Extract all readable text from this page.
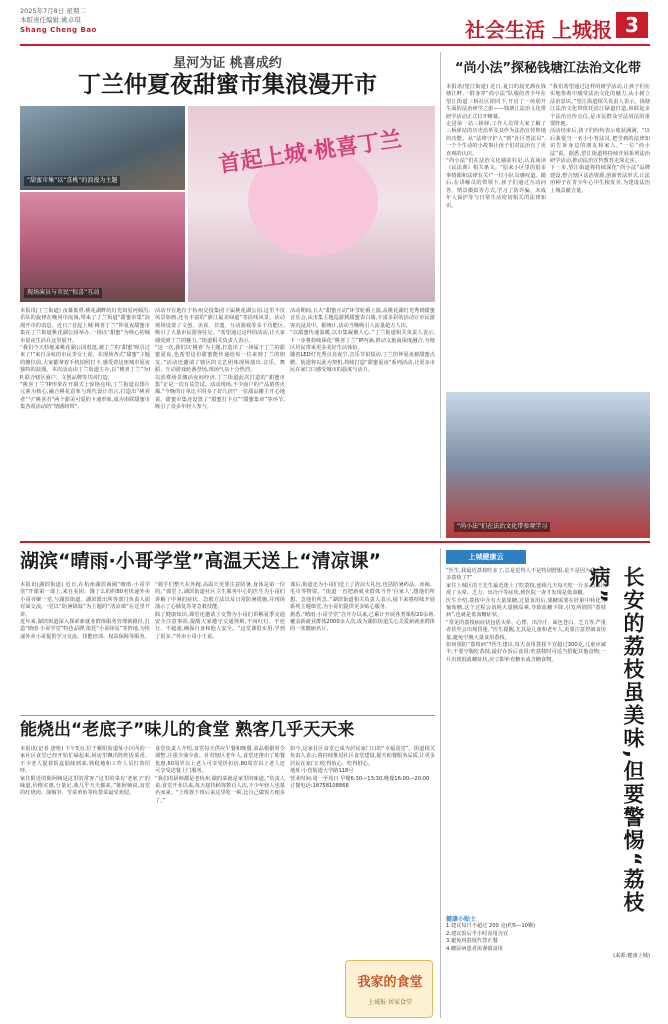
2025年7月8日 星期二
本版责任编辑:姚卓琪
Shang Cheng Bao	社会生活 上城报 3
星河为证 桃喜成约
丁兰仲夏夜甜蜜市集浪漫开市
“甜蜜市集”以“喜桃”的浪漫为主题
现场演员与市民“惊喜”互动
首起上城·桃喜丁兰

本报讯(丁兰街道) 夜幕低垂,桃花湖畔的灯光如星河倾泻,乐队的旋律在晚风中流淌,带来了丁兰街道“甜蜜市集”浪漫开市的消息。近日,“首起上城·桃喜丁兰”仲夏夜甜蜜市集在丁兰街道桃花湖公园举办,一场以“甜蜜”为核心的城市夏夜生活在这里展开。

“我们今天特地来桃花湖公园逛逛,被丁兰的‘甜蜜’吸引过来了!”来自余杭的市民李女士说。在现场各式“甜蜜”主题的摊位前,大家都拿着手机拍照打卡,感受着这座城市夏夜独特的浪漫。本次活动由丁兰街道主办,以“桃喜丁兰”为IP,联合辖区商户、文创品牌等共同打造。

“桃喜丁兰”IP形象在开幕式上惊艳亮相,丁兰街道以图片元素为核心,融合桃花意象与现代设计语言,打造出“桃喜者”与“桃喜君”两个甜美可爱的卡通形象,成为串联甜蜜市集各项活动的“情感纽带”。

活动开在地位于杭州交投集团下属桃花湖公园,这里不仅风景如画,还有丰富的“浙江最美绿道”等沿线风景。活动现场设置了文创、美食、非遗、互动游戏等多个功能区,吸引了大量市民游客驻足。“希望通过这样的活动,让大家感受到丁兰的魅力。”街道相关负责人表示。

“这一次,我们以‘桃喜’为主题,打造出了一场属于丁兰的甜蜜夏夜,也希望这份甜蜜能传递给每一位来到丁兰的朋友。”活动还邀请了辖区的文艺团体现场演出,音乐、舞蹈、互动游戏轮番登场,现场气氛十分热烈。

以消费场景激活夜间经济,丁兰街道此次打造的“甜蜜市集”正是一次有益尝试。活动现场,不少商户的产品销售火爆,“今晚的订单比平时多了好几倍!”一位甜品摊主开心地说。甜蜜市集还设置了“甜蜜打卡点”“甜蜜集章”等环节,吸引了众多年轻人参与。

活动期间,五大“甜蜜互动”环节轮番上演,从桃花湖灯光秀到甜蜜音乐会,从市集主题巡游到甜蜜表白墙,丰富多彩的活动让市民游客沉浸其中。据统计,活动当晚吸引人流量超万人次。

“以甜蜜传递温暖,以市集凝聚人心。”丁兰街道相关负责人表示,下一步将持续深化“桃喜丁兰”IP内涵,推动文旅商深度融合,为辖区居民带来更多美好生活体验。

随着LED灯光秀点亮夜空,音乐节拍悦动,丁兰的仲夏夜被甜蜜点燃。街道将以此为契机,持续打造“甜蜜夏夜”系列活动,让更多市民在家门口感受城市的温度与活力。

“尚小法”探秘钱塘江法治文化带

本报讯(望江街道) 近日,夏日的晨光洒在钱塘江畔,一群身穿“尚小法”队服的青少年在望江街道三桥社区陪同下,开启了一场别开生面的法治研学之旅——钱塘江法治文化带研学活动正式拉开帷幕。

走进第一站三桥驿,工作人员带大家了解了三桥驿站的历史沿革及其作为法治宣传阵地的功能。从“法律守护人”到“社区普法员”,一个个生动的小故事让孩子们对法治有了更直观的认识。

“尚小法”们在法治文化墙前驻足,认真阅读《民法典》相关条文。“原来小区里的很多事情都和法律有关!”一位小队员感叹道。随后,在讲解员的带领下,孩子们通过互动问答、情景模拟等方式,学习了防诈骗、未成年人保护等与日常生活密切相关的法律知识。

“我们希望通过这样的研学活动,让孩子们在实地参观中感受法治文化的魅力,从小树立法治意识。”望江街道相关负责人表示。钱塘江法治文化带依托沿江绿道打造,串联起多个法治宣传点位,是市民群众学法用法的重要阵地。

活动结束后,孩子们纷纷表示收获满满。“以后我要当一名小小普法员,把学到的法律知识告诉身边的朋友和家人。”一位“尚小法”说。据悉,望江街道将持续开展系列法治研学活动,推动法治宣传教育走深走实。

下一步,望江街道将持续深化“尚小法”品牌建设,整合辖区法治资源,创新普法形式,让法治种子在青少年心中生根发芽,为建设法治上城贡献力量。

“尚小法”们在法治文化带参观学习
湖滨“晴雨·小哥学堂”高温天送上“清凉课”

本报讯(湖滨街道) 近日,在杭州湖滨商圈“晴雨·小哥学堂”开课第一课上,来自美团、饿了么的约80名快递外卖小哥齐聚一堂,与湖滨街道、湖滨派出所等部门负责人面对面交流,一堂以“防暑降温”为主题的“清凉课”在这里开讲。

近年来,湖滨街道深入探索新就业群体服务管理新路径,打造“晴雨·小哥学堂”特色品牌,依托“小哥驿站”等阵地,为快递外卖小哥提供学习交流、技能培训、权益保障等服务。

“骑手们整天在外跑,高温天更要注意防暑,身体是第一位的。”课堂上,湖滨街道社区卫生服务中心的医生为小哥们讲解了中暑的症状、急救方法以及日常防暑措施,并现场演示了心肺复苏等急救技能。

除了健康知识,课堂还邀请了交警为小哥们讲解夏季交通安全注意事项,提醒大家遵守交通规则,不闯红灯、不逆行、不超速,确保自身和他人安全。“这堂课很实用,学到了很多。”外卖小哥小王说。

课后,街道还为小哥们送上了清凉大礼包,包括防暑药品、冰袖、毛巾等物资。“街道一直把新就业群体当作‘自家人’,想他们所想、急他们所急。”湖滨街道相关负责人表示,接下来将持续开展系列主题课堂,为小哥们提供更多贴心服务。

据悉,“晴雨·小哥学堂”自开办以来,已累计开展各类课程20余场,覆盖新就业群体2000余人次,成为湖滨街道关心关爱新就业群体的一张靓丽名片。

能烧出“老底子”味儿的食堂 熟客几乎天天来

本报讯(记者 唐艳) 下午5点,位于紫阳街道某小区内的一家社区食堂已经开始忙碌起来,厨房里飘出阵阵饭菜香。不少老人提着饭盒陆续到来,熟稔地和工作人员打着招呼。

家住附近的陈阿姨是这里的常客,“这里的菜有‘老底子’的味道,价格实惠,分量足,我几乎天天都来。”陈阿姨说,食堂的红烧肉、油焖笋、雪菜黄鱼等杭帮菜最受欢迎。

食堂负责人介绍,食堂每天供应午餐和晚餐,菜品根据时令调整,注重少油少盐。针对辖区老年人,食堂还推出了助餐优惠,60周岁以上老人可享受折扣价,80周岁以上老人还可享受送餐上门服务。

“我们的厨师都是老杭州,做的菜就是家里的味道。”负责人说,食堂开业以来,每天接待顾客数百人次,不少年轻人也慕名而来。“上班族下班后来这里吃一顿,比自己做饭方便多了。”

如今,这家社区食堂已成为居民家门口的“幸福食堂”。街道相关负责人表示,将持续推进社区食堂建设,提升助餐服务品质,让更多居民在家门口吃得放心、吃得舒心。

地址:小营街道大学路118号

营业时间:周一至周日 早餐6:30—13:30,晚餐16:00—20:00

订餐电话:18758108868

我家的食堂
上城报·居家食堂
上城健康云

“医生,我最近荔枝吃多了,总是觉得人不是特别舒服,是不是因为我吃太多荔枝了?”

家住上城区的王先生最近迷上了吃荔枝,连续几天每天吃一斤多,结果出现了头晕、乏力、出冷汗等症状,到医院一查才发现是低血糖。

医生介绍,荔枝中含有大量果糖,过量食用后,果糖需要在肝脏中转化为葡萄糖,这个过程会消耗大量胰岛素,导致血糖下降,引发所谓的“荔枝病”,也就是低血糖症状。

“常见的荔枝病症状包括头晕、心悸、出冷汗、面色苍白、乏力等,严重者甚至会出现昏迷。”医生提醒,尤其是儿童和老年人,更要注意控制食用量,避免空腹大量食用荔枝。

如何预防“荔枝病”?医生建议,每天食用荔枝不宜超过300克,儿童应减半;不要空腹吃荔枝,最好在饭后食用;吃荔枝时可适当搭配其他食物;一旦出现低血糖症状,应立即补充糖水或含糖食物。	长安的荔枝虽美味,但要警惕“荔枝病”

健康小贴士

1.建议每日不超过 200 克(约5—10颗)

2.建议饭后半小时食用为宜

3.避免用荔枝代替正餐

4.糖尿病患者需谨慎食用

(来源:健康上城)
